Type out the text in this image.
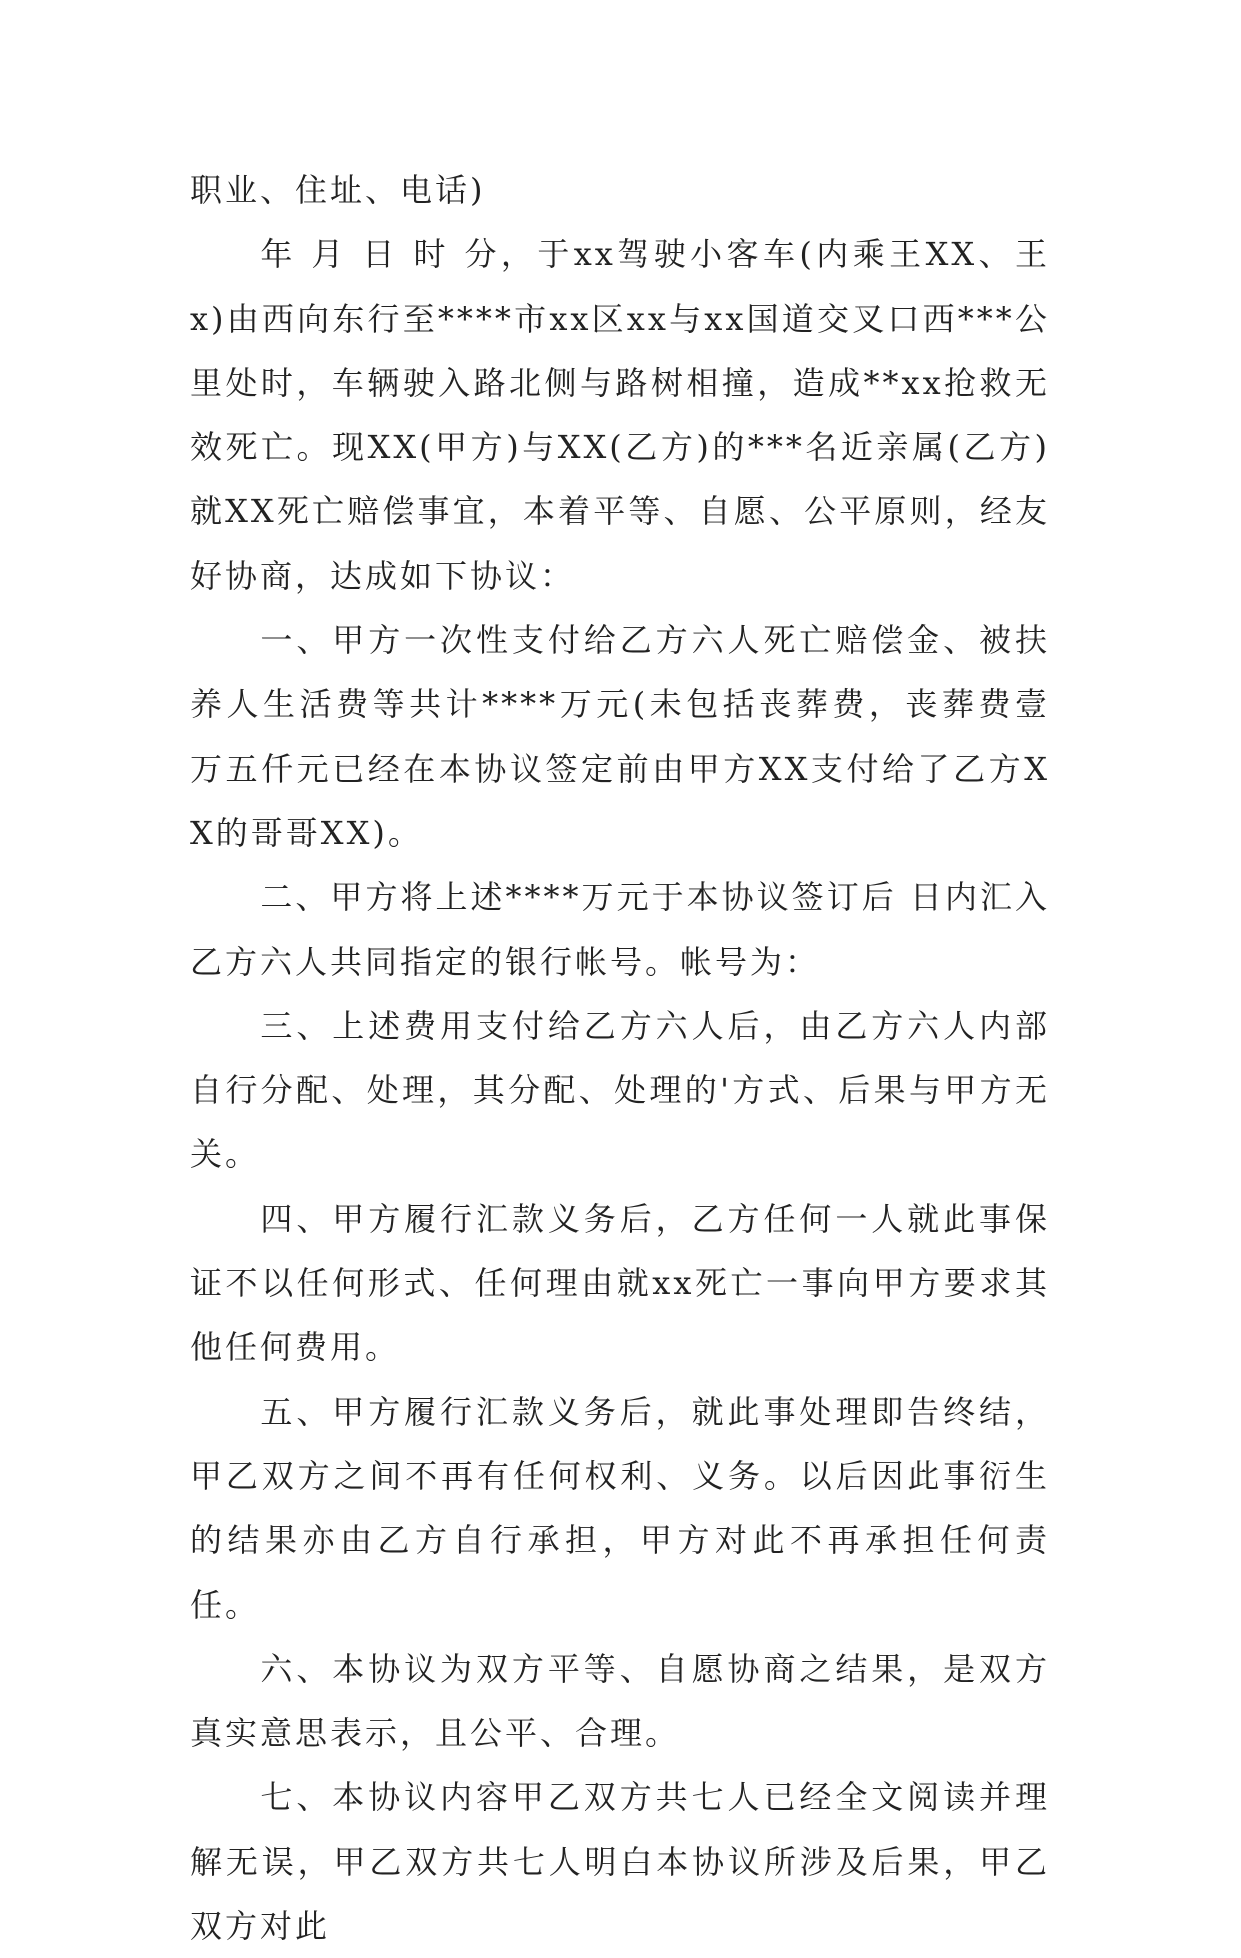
职业、住址、电话)

年 月 日 时 分，于xx驾驶小客车(内乘王XX、王x)由西向东行至****市xx区xx与xx国道交叉口西***公里处时，车辆驶入路北侧与路树相撞，造成**xx抢救无效死亡。现XX(甲方)与XX(乙方)的***名近亲属(乙方)就XX死亡赔偿事宜，本着平等、自愿、公平原则，经友好协商，达成如下协议：

一、甲方一次性支付给乙方六人死亡赔偿金、被扶养人生活费等共计****万元(未包括丧葬费，丧葬费壹万五仟元已经在本协议签定前由甲方XX支付给了乙方XX的哥哥XX)。

二、甲方将上述****万元于本协议签订后 日内汇入乙方六人共同指定的银行帐号。帐号为：

三、上述费用支付给乙方六人后，由乙方六人内部自行分配、处理，其分配、处理的'方式、后果与甲方无关。

四、甲方履行汇款义务后，乙方任何一人就此事保证不以任何形式、任何理由就xx死亡一事向甲方要求其他任何费用。

五、甲方履行汇款义务后，就此事处理即告终结，甲乙双方之间不再有任何权利、义务。以后因此事衍生的结果亦由乙方自行承担，甲方对此不再承担任何责任。

六、本协议为双方平等、自愿协商之结果，是双方真实意思表示，且公平、合理。

七、本协议内容甲乙双方共七人已经全文阅读并理解无误，甲乙双方共七人明白本协议所涉及后果，甲乙双方对此
